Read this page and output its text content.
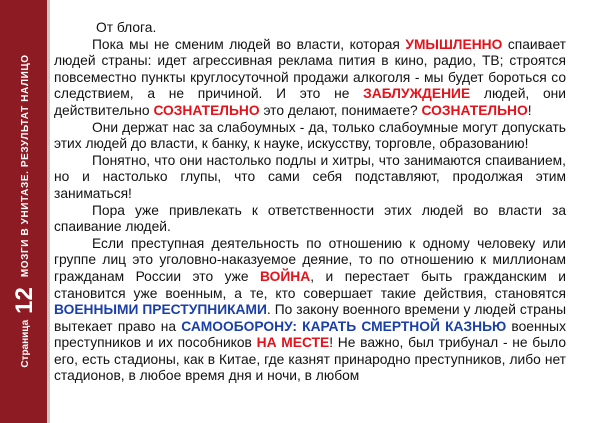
Страница
12
МОЗГИ В УНИТАЗЕ. РЕЗУЛЬТАТ НАЛИЦО

От блога.

Пока мы не сменим людей во власти, которая УМЫШЛЕННО спаивает людей страны: идет агрессивная реклама пития в кино, радио, ТВ; строятся повсеместно пункты круглосуточной продажи алкоголя - мы будет бороться со следствием, а не причиной. И это не ЗАБЛУЖДЕНИЕ людей, они действительно СОЗНАТЕЛЬНО это делают, понимаете? СОЗНАТЕЛЬНО!

Они держат нас за слабоумных - да, только слабоумные могут допускать этих людей до власти, к банку, к науке, искусству, торговле, образованию!

Понятно, что они настолько подлы и хитры, что занимаются спаиванием, но и настолько глупы, что сами себя подставляют, продолжая этим заниматься!

Пора уже привлекать к ответственности этих людей во власти за спаивание людей.

Если преступная деятельность по отношению к одному человеку или группе лиц это уголовно-наказуемое деяние, то по отношению к миллионам гражданам России это уже ВОЙНА, и перестает быть гражданским и становится уже военным, а те, кто совершает такие действия, становятся ВОЕННЫМИ ПРЕСТУПНИКАМИ. По закону военного времени у людей страны вытекает право на САМООБОРОНУ: КАРАТЬ СМЕРТНОЙ КАЗНЬЮ военных преступников и их пособников НА МЕСТЕ! Не важно, был трибунал - не было его, есть стадионы, как в Китае, где казнят принародно преступников, либо нет стадионов, в любое время дня и ночи, в любом
